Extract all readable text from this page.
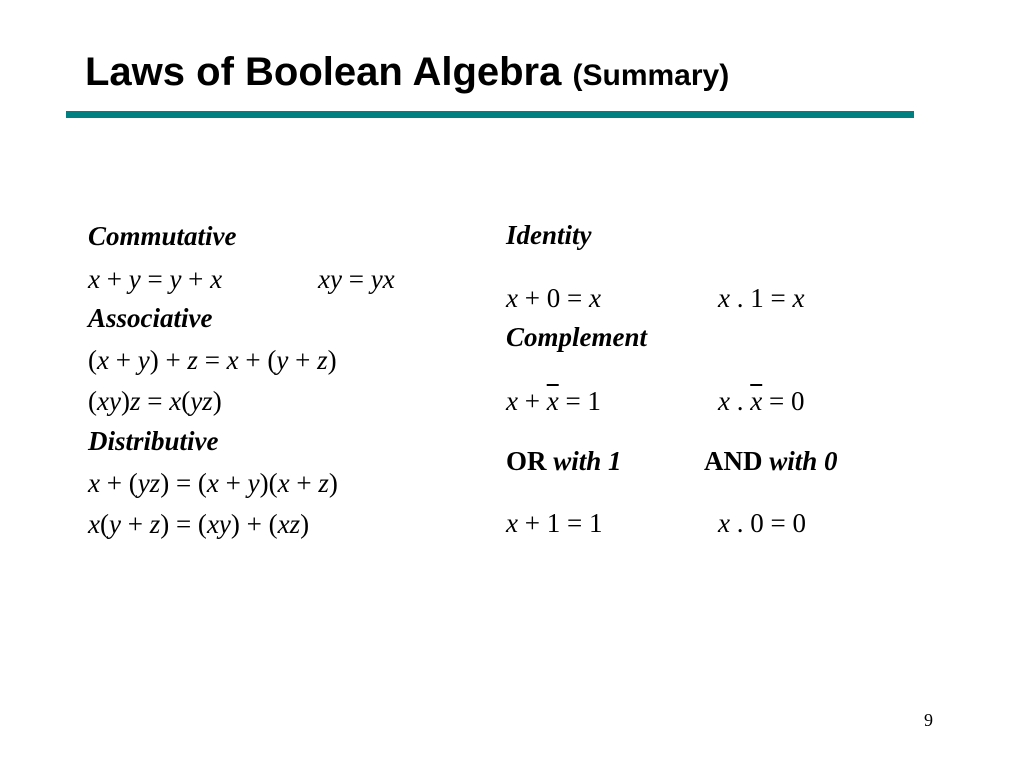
Laws of Boolean Algebra (Summary)
Commutative
x + y = y + x	xy = yx
Associative
(x + y) + z = x + (y + z)
(xy)z = x(yz)
Distributive
x + (yz) = (x + y)(x + z)
x(y + z) = (xy) + (xz)
Identity
x + 0 = x	x . 1 = x
Complement
$x + \overline{x} = 1$	x . $\overline{x} = 0$
OR with 1	AND with 0
x + 1 = 1	x . 0 = 0
9
